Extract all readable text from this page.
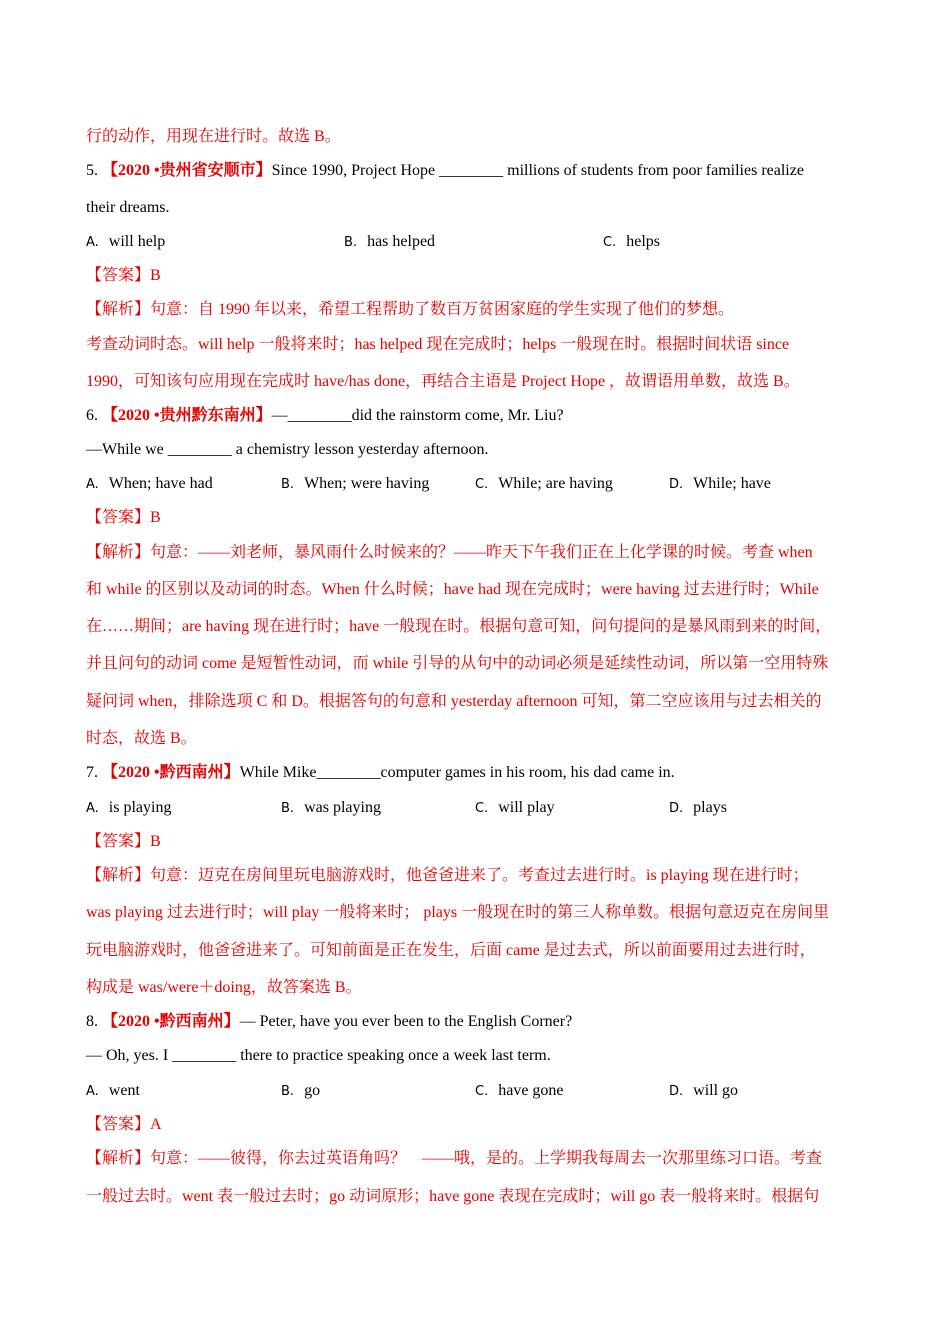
行的动作，用现在进行时。故选 B。
5. 【2020 •贵州省安顺市】Since 1990, Project Hope ________ millions of students from poor families realize
their dreams.
A. will help	B. has helped	C. helps
【答案】B
【解析】句意：自 1990 年以来，希望工程帮助了数百万贫困家庭的学生实现了他们的梦想。
考查动词时态。will help 一般将来时；has helped 现在完成时；helps 一般现在时。根据时间状语 since
1990，可知该句应用现在完成时 have/has done，再结合主语是 Project Hope ，故谓语用单数，故选 B。
6. 【2020 •贵州黔东南州】—________did the rainstorm come, Mr. Liu?
—While we ________ a chemistry lesson yesterday afternoon.
A. When; have had	B. When; were having	C. While; are having	D. While; have
【答案】B
【解析】句意：——刘老师，暴风雨什么时候来的？——昨天下午我们正在上化学课的时候。考查 when
和 while 的区别以及动词的时态。When 什么时候；have had 现在完成时；were having 过去进行时；While
在……期间；are having 现在进行时；have 一般现在时。根据句意可知，问句提问的是暴风雨到来的时间，
并且问句的动词 come 是短暂性动词，而 while 引导的从句中的动词必须是延续性动词，所以第一空用特殊
疑问词 when，排除选项 C 和 D。根据答句的句意和 yesterday afternoon 可知，第二空应该用与过去相关的
时态，故选 B。
7. 【2020 •黔西南州】While Mike________computer games in his room, his dad came in.
A. is playing	B. was playing	C. will play	D. plays
【答案】B
【解析】句意：迈克在房间里玩电脑游戏时，他爸爸进来了。考查过去进行时。is playing 现在进行时；
was playing 过去进行时；will play 一般将来时； plays 一般现在时的第三人称单数。根据句意迈克在房间里
玩电脑游戏时，他爸爸进来了。可知前面是正在发生，后面 came 是过去式，所以前面要用过去进行时，
构成是 was/were＋doing，故答案选 B。
8. 【2020 •黔西南州】— Peter, have you ever been to the English Corner?
— Oh, yes. I ________ there to practice speaking once a week last term.
A. went	B. go	C. have gone	D. will go
【答案】A
【解析】句意：——彼得，你去过英语角吗？　——哦，是的。上学期我每周去一次那里练习口语。考查
一般过去时。went 表一般过去时；go 动词原形；have gone 表现在完成时；will go 表一般将来时。根据句
